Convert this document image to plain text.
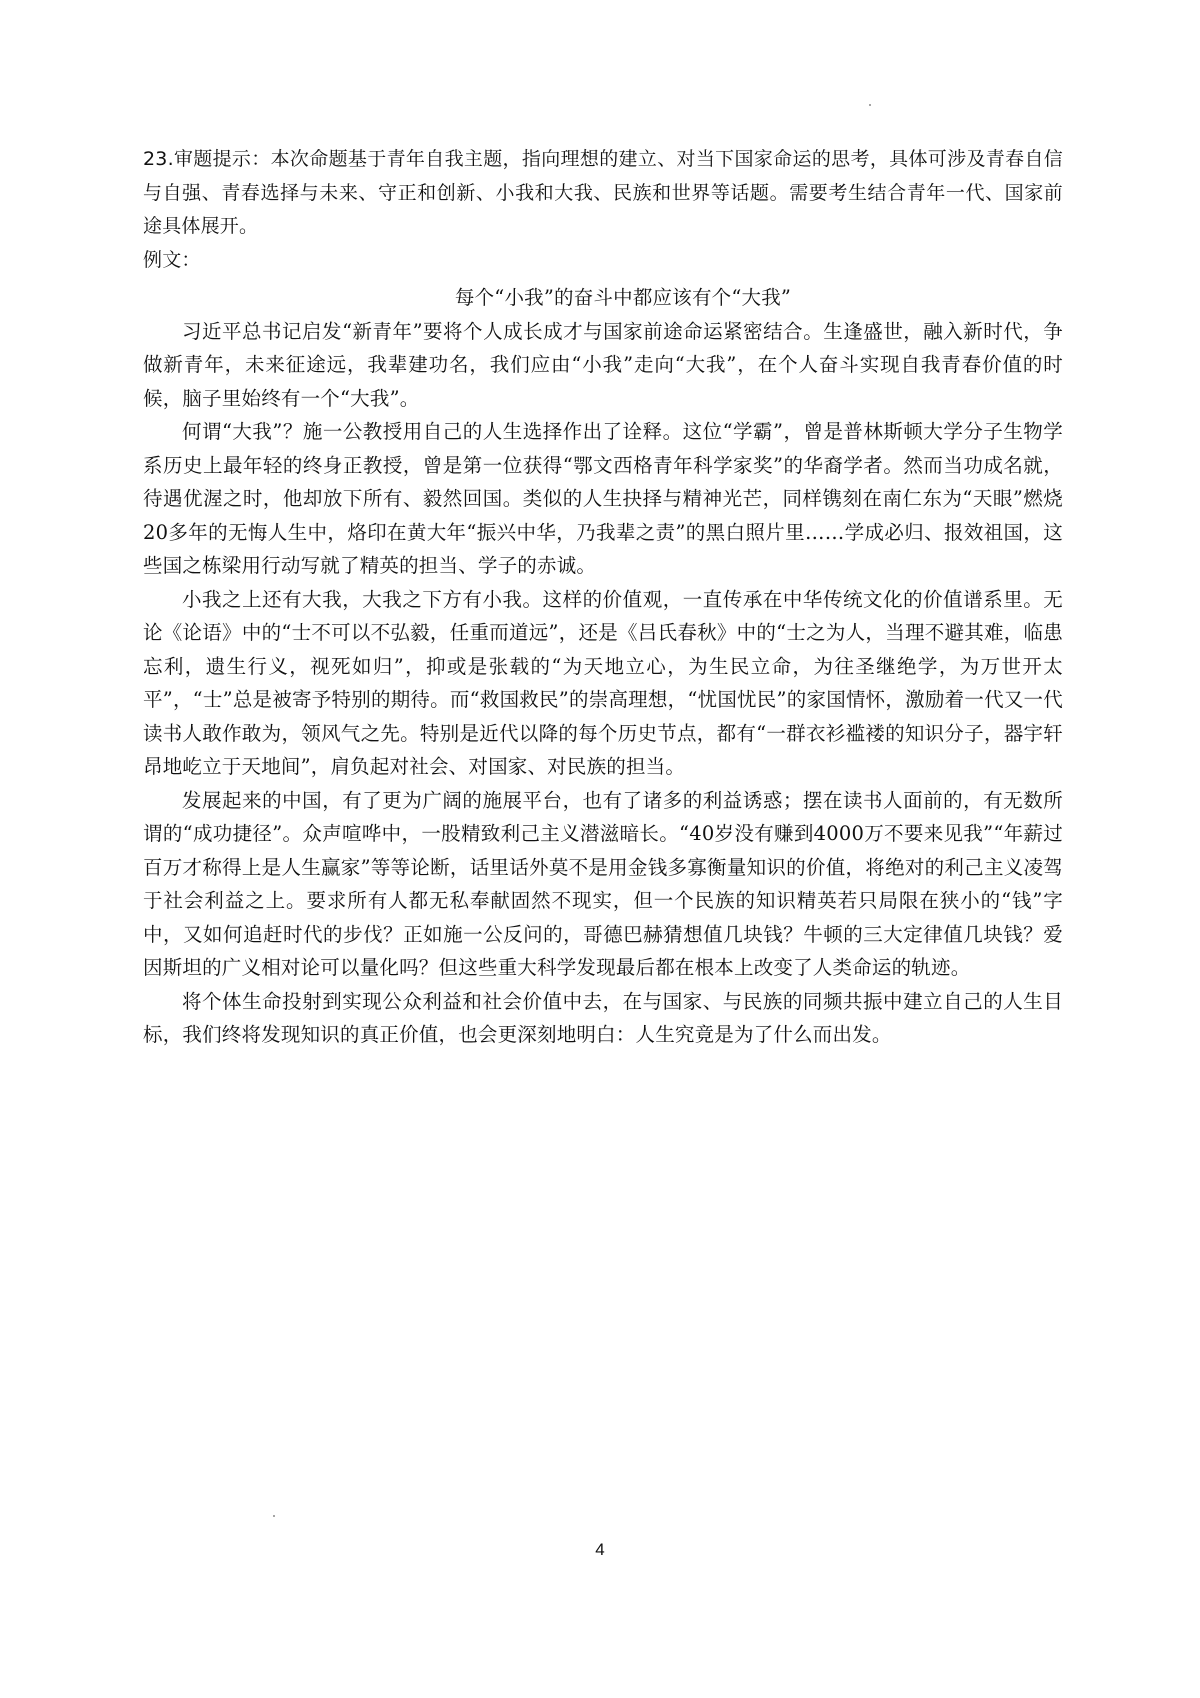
23.审题提示：本次命题基于青年自我主题，指向理想的建立、对当下国家命运的思考，具体可涉及青春自信与自强、青春选择与未来、守正和创新、小我和大我、民族和世界等话题。需要考生结合青年一代、国家前途具体展开。

例文：

每个“小我”的奋斗中都应该有个“大我”

习近平总书记启发“新青年”要将个人成长成才与国家前途命运紧密结合。生逢盛世，融入新时代，争做新青年，未来征途远，我辈建功名，我们应由“小我”走向“大我”，在个人奋斗实现自我青春价值的时候，脑子里始终有一个“大我”。

何谓“大我”？施一公教授用自己的人生选择作出了诠释。这位“学霸”，曾是普林斯顿大学分子生物学系历史上最年轻的终身正教授，曾是第一位获得“鄂文西格青年科学家奖”的华裔学者。然而当功成名就，待遇优渥之时，他却放下所有、毅然回国。类似的人生抉择与精神光芒，同样镌刻在南仁东为“天眼”燃烧20多年的无悔人生中，烙印在黄大年“振兴中华，乃我辈之责”的黑白照片里……学成必归、报效祖国，这些国之栋梁用行动写就了精英的担当、学子的赤诚。

小我之上还有大我，大我之下方有小我。这样的价值观，一直传承在中华传统文化的价值谱系里。无论《论语》中的“士不可以不弘毅，任重而道远”，还是《吕氏春秋》中的“士之为人，当理不避其难，临患忘利，遗生行义，视死如归”，抑或是张载的“为天地立心，为生民立命，为往圣继绝学，为万世开太平”，“士”总是被寄予特别的期待。而“救国救民”的崇高理想，“忧国忧民”的家国情怀，激励着一代又一代读书人敢作敢为，领风气之先。特别是近代以降的每个历史节点，都有“一群衣衫褴褛的知识分子，器宇轩昂地屹立于天地间”，肩负起对社会、对国家、对民族的担当。

发展起来的中国，有了更为广阔的施展平台，也有了诸多的利益诱惑；摆在读书人面前的，有无数所谓的“成功捷径”。众声喧哗中，一股精致利己主义潜滋暗长。“40岁没有赚到4000万不要来见我”“年薪过百万才称得上是人生赢家”等等论断，话里话外莫不是用金钱多寡衡量知识的价值，将绝对的利己主义凌驾于社会利益之上。要求所有人都无私奉献固然不现实，但一个民族的知识精英若只局限在狭小的“钱”字中，又如何追赶时代的步伐？正如施一公反问的，哥德巴赫猜想值几块钱？牛顿的三大定律值几块钱？爱因斯坦的广义相对论可以量化吗？但这些重大科学发现最后都在根本上改变了人类命运的轨迹。

将个体生命投射到实现公众利益和社会价值中去，在与国家、与民族的同频共振中建立自己的人生目标，我们终将发现知识的真正价值，也会更深刻地明白：人生究竟是为了什么而出发。

4
